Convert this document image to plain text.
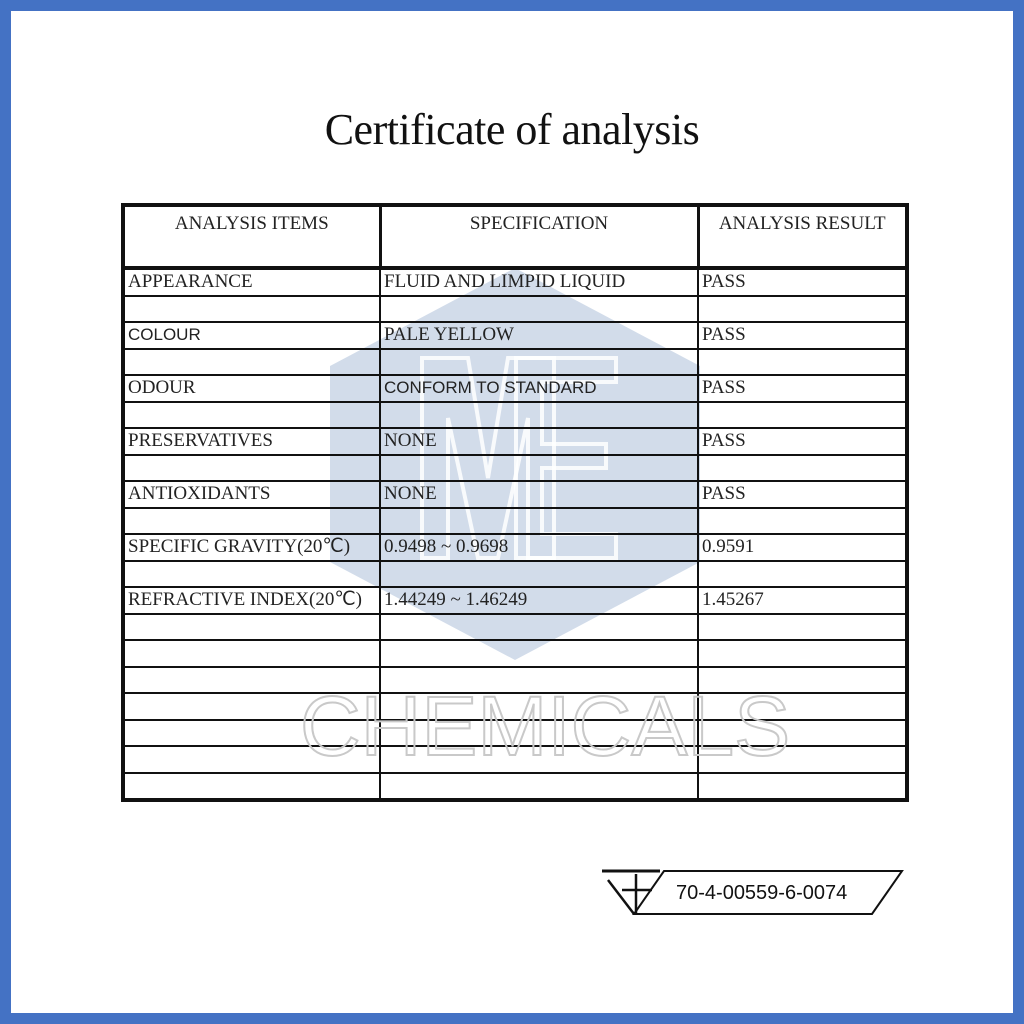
Certificate of analysis
ANALYSIS ITEMS	SPECIFICATION	ANALYSIS RESULT
APPEARANCE	FLUID AND LIMPID LIQUID	PASS

COLOUR	PALE YELLOW	PASS

ODOUR	CONFORM TO STANDARD	PASS

PRESERVATIVES	NONE	PASS

ANTIOXIDANTS	NONE	PASS

SPECIFIC GRAVITY(20℃)	0.9498 ~ 0.9698	0.9591

REFRACTIVE INDEX(20℃)	1.44249 ~ 1.46249	1.45267

CHEMICALS
70-4-00559-6-0074
